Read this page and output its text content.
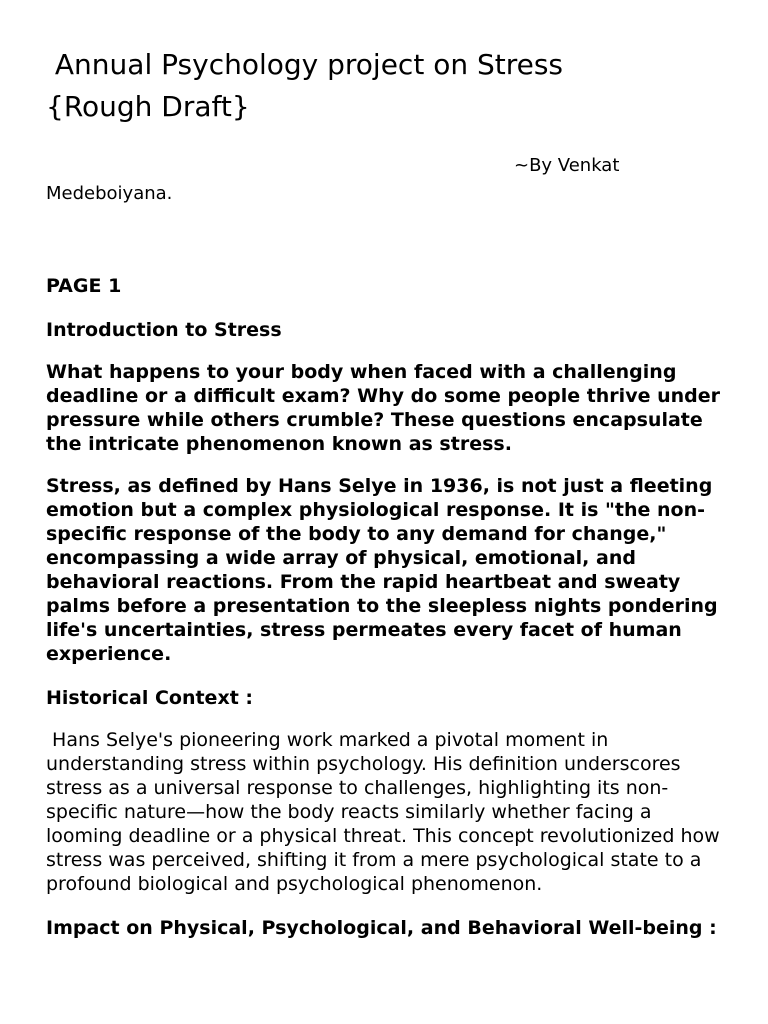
Annual Psychology project on Stress
{Rough Draft}

~By Venkat
Medeboiyana.

PAGE 1

Introduction to Stress

What happens to your body when faced with a challenging deadline or a difficult exam? Why do some people thrive under pressure while others crumble? These questions encapsulate the intricate phenomenon known as stress.

Stress, as defined by Hans Selye in 1936, is not just a fleeting emotion but a complex physiological response. It is "the non-specific response of the body to any demand for change," encompassing a wide array of physical, emotional, and behavioral reactions. From the rapid heartbeat and sweaty palms before a presentation to the sleepless nights pondering life's uncertainties, stress permeates every facet of human experience.

Historical Context :

Hans Selye's pioneering work marked a pivotal moment in understanding stress within psychology. His definition underscores stress as a universal response to challenges, highlighting its non-specific nature—how the body reacts similarly whether facing a looming deadline or a physical threat. This concept revolutionized how stress was perceived, shifting it from a mere psychological state to a profound biological and psychological phenomenon.

Impact on Physical, Psychological, and Behavioral Well-being :
